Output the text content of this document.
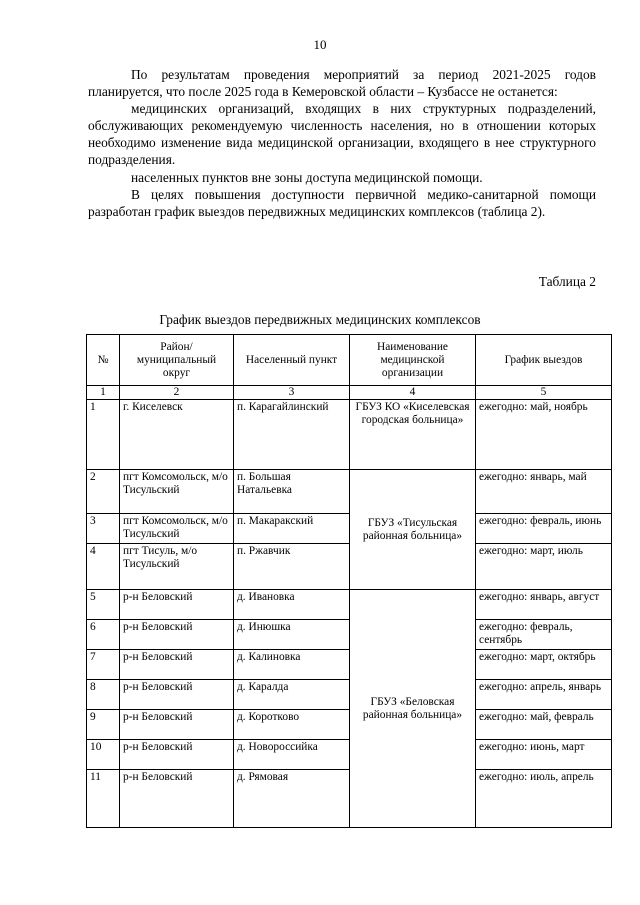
10

По результатам проведения мероприятий за период 2021-2025 годов планируется, что после 2025 года в Кемеровской области – Кузбассе не останется:

медицинских организаций, входящих в них структурных подразделений, обслуживающих рекомендуемую численность населения, но в отношении которых необходимо изменение вида медицинской организации, входящего в нее структурного подразделения.

населенных пунктов вне зоны доступа медицинской помощи.

В целях повышения доступности первичной медико-санитарной помощи разработан график выездов передвижных медицинских комплексов (таблица 2).

Таблица 2
График выездов передвижных медицинских комплексов
№	Район/ муниципальный округ	Населенный пункт	Наименование медицинской организации	График выездов
1	2	3	4	5
1	г. Киселевск	п. Карагайлинский	ГБУЗ КО «Киселевская городская больница»	ежегодно: май, ноябрь
2	пгт Комсомольск, м/о Тисульский	п. Большая Натальевка	ГБУЗ «Тисульская районная больница»	ежегодно: январь, май
3	пгт Комсомольск, м/о Тисульский	п. Макаракский		ежегодно: февраль, июнь
4	пгт Тисуль, м/о Тисульский	п. Ржавчик		ежегодно: март, июль
5	р-н Беловский	д. Ивановка	ГБУЗ «Беловская районная больница»	ежегодно: январь, август
6	р-н Беловский	д. Инюшка		ежегодно: февраль, сентябрь
7	р-н Беловский	д. Калиновка		ежегодно: март, октябрь
8	р-н Беловский	д. Каралда		ежегодно: апрель, январь
9	р-н Беловский	д. Коротково		ежегодно: май, февраль
10	р-н Беловский	д. Новороссийка		ежегодно: июнь, март
11	р-н Беловский	д. Рямовая		ежегодно: июль, апрель
